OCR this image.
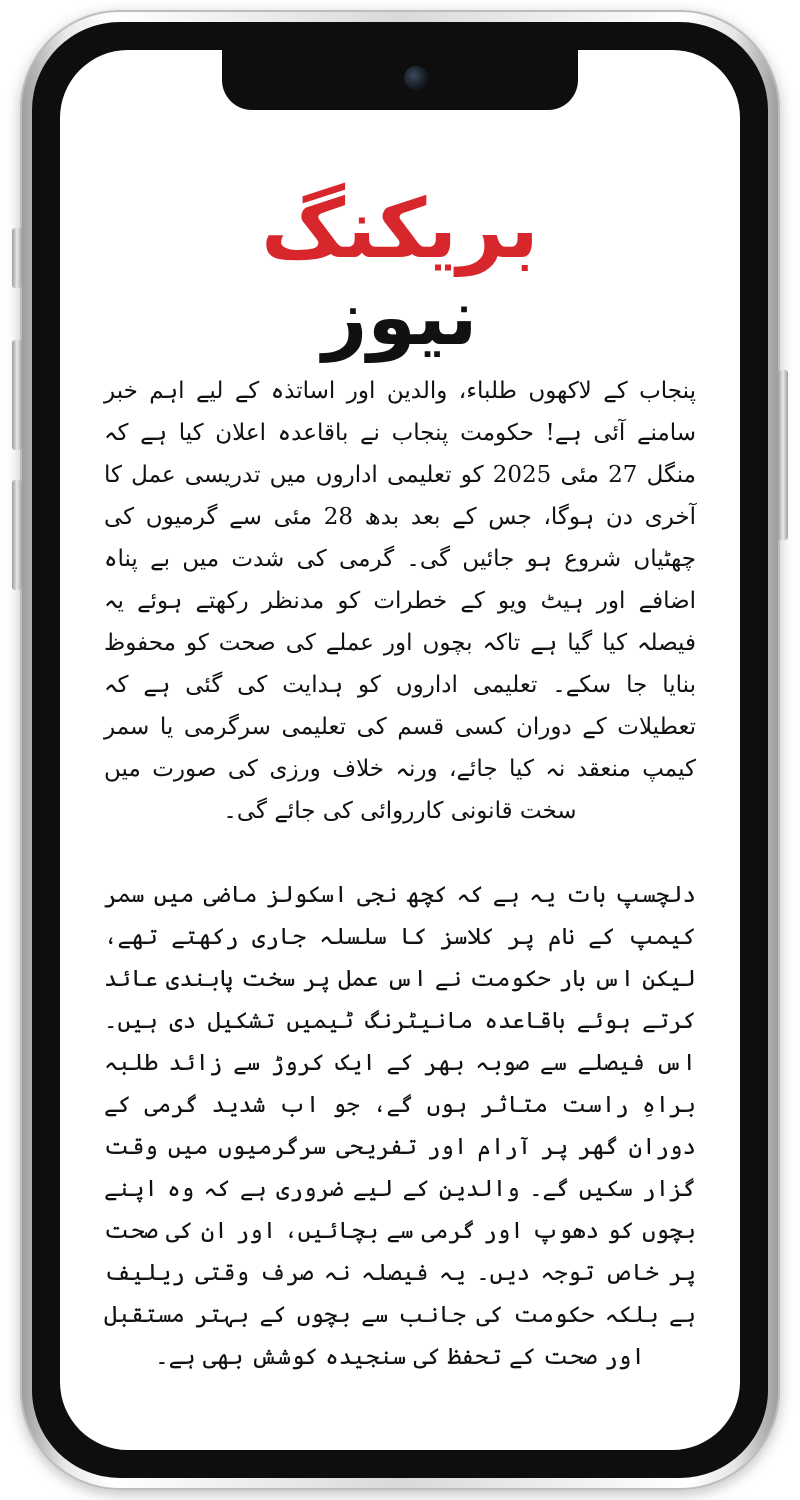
بریکنگ
نیوز

پنجاب کے لاکھوں طلباء، والدین اور اساتذہ کے لیے اہم خبر سامنے آئی ہے! حکومت پنجاب نے باقاعدہ اعلان کیا ہے کہ منگل 27 مئی 2025 کو تعلیمی اداروں میں تدریسی عمل کا آخری دن ہوگا، جس کے بعد بدھ 28 مئی سے گرمیوں کی چھٹیاں شروع ہو جائیں گی۔ گرمی کی شدت میں بے پناہ اضافے اور ہیٹ ویو کے خطرات کو مدنظر رکھتے ہوئے یہ فیصلہ کیا گیا ہے تاکہ بچوں اور عملے کی صحت کو محفوظ بنایا جا سکے۔ تعلیمی اداروں کو ہدایت کی گئی ہے کہ تعطیلات کے دوران کسی قسم کی تعلیمی سرگرمی یا سمر کیمپ منعقد نہ کیا جائے، ورنہ خلاف ورزی کی صورت میں سخت قانونی کارروائی کی جائے گی۔

دلچسپ بات یہ ہے کہ کچھ نجی اسکولز ماضی میں سمر کیمپ کے نام پر کلاسز کا سلسلہ جاری رکھتے تھے، لیکن اس بار حکومت نے اس عمل پر سخت پابندی عائد کرتے ہوئے باقاعدہ مانیٹرنگ ٹیمیں تشکیل دی ہیں۔ اس فیصلے سے صوبہ بھر کے ایک کروڑ سے زائد طلبہ براہِ راست متاثر ہوں گے، جو اب شدید گرمی کے دوران گھر پر آرام اور تفریحی سرگرمیوں میں وقت گزار سکیں گے۔ والدین کے لیے ضروری ہے کہ وہ اپنے بچوں کو دھوپ اور گرمی سے بچائیں، اور ان کی صحت پر خاص توجہ دیں۔ یہ فیصلہ نہ صرف وقتی ریلیف ہے بلکہ حکومت کی جانب سے بچوں کے بہتر مستقبل اور صحت کے تحفظ کی سنجیدہ کوشش بھی ہے۔
